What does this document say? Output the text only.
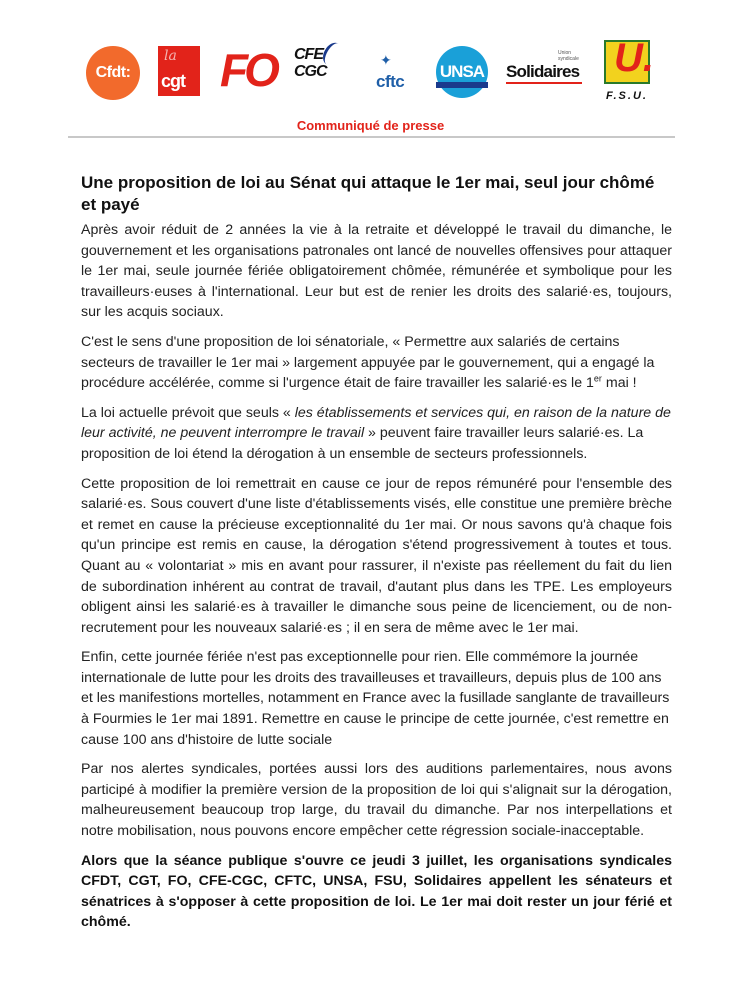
Cfdt:
la
cgt FO CFE
CGC
✦
cftc
UNSA
Union syndicale
Solidaires U.
F.S.U.
Communiqué de presse
Une proposition de loi au Sénat qui attaque le 1er mai, seul jour chômé et payé

Après avoir réduit de 2 années la vie à la retraite et développé le travail du dimanche, le gouvernement et les organisations patronales ont lancé de nouvelles offensives pour attaquer le 1er mai, seule journée fériée obligatoirement chômée, rémunérée et symbolique pour les travailleurs·euses à l'international. Leur but est de renier les droits des salarié·es, toujours, sur les acquis sociaux.

C'est le sens d'une proposition de loi sénatoriale, « Permettre aux salariés de certains secteurs de travailler le 1er mai » largement appuyée par le gouvernement, qui a engagé la procédure accélérée, comme si l'urgence était de faire travailler les salarié·es le 1er mai !

La loi actuelle prévoit que seuls « les établissements et services qui, en raison de la nature de leur activité, ne peuvent interrompre le travail » peuvent faire travailler leurs salarié·es. La proposition de loi étend la dérogation à un ensemble de secteurs professionnels.

Cette proposition de loi remettrait en cause ce jour de repos rémunéré pour l'ensemble des salarié·es. Sous couvert d'une liste d'établissements visés, elle constitue une première brèche et remet en cause la précieuse exceptionnalité du 1er mai. Or nous savons qu'à chaque fois qu'un principe est remis en cause, la dérogation s'étend progressivement à toutes et tous. Quant au « volontariat » mis en avant pour rassurer, il n'existe pas réellement du fait du lien de subordination inhérent au contrat de travail, d'autant plus dans les TPE. Les employeurs obligent ainsi les salarié·es à travailler le dimanche sous peine de licenciement, ou de non-recrutement pour les nouveaux salarié·es ; il en sera de même avec le 1er mai.

Enfin, cette journée fériée n'est pas exceptionnelle pour rien. Elle commémore la journée internationale de lutte pour les droits des travailleuses et travailleurs, depuis plus de 100 ans et les manifestions mortelles, notamment en France avec la fusillade sanglante de travailleurs à Fourmies le 1er mai 1891. Remettre en cause le principe de cette journée, c'est remettre en cause 100 ans d'histoire de lutte sociale

Par nos alertes syndicales, portées aussi lors des auditions parlementaires, nous avons participé à modifier la première version de la proposition de loi qui s'alignait sur la dérogation, malheureusement beaucoup trop large, du travail du dimanche. Par nos interpellations et notre mobilisation, nous pouvons encore empêcher cette régression sociale-inacceptable.

Alors que la séance publique s'ouvre ce jeudi 3 juillet, les organisations syndicales CFDT, CGT, FO, CFE-CGC, CFTC, UNSA, FSU, Solidaires appellent les sénateurs et sénatrices à s'opposer à cette proposition de loi. Le 1er mai doit rester un jour férié et chômé.
